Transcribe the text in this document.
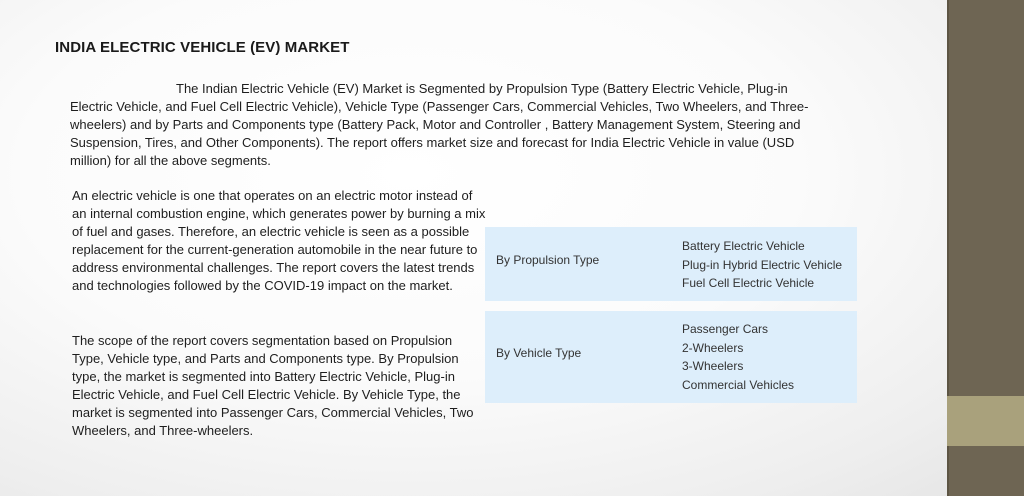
INDIA ELECTRIC VEHICLE (EV) MARKET
The Indian Electric Vehicle (EV) Market is Segmented by Propulsion Type (Battery Electric Vehicle, Plug-in Electric Vehicle, and Fuel Cell Electric Vehicle), Vehicle Type (Passenger Cars, Commercial Vehicles, Two Wheelers, and Three-wheelers) and by Parts and Components type (Battery Pack, Motor and Controller , Battery Management System, Steering and Suspension, Tires, and Other Components). The report offers market size and forecast for India Electric Vehicle in value (USD million) for all the above segments.
An electric vehicle is one that operates on an electric motor instead of an internal combustion engine, which generates power by burning a mix of fuel and gases. Therefore, an electric vehicle is seen as a possible replacement for the current-generation automobile in the near future to address environmental challenges. The report covers the latest trends and technologies followed by the COVID-19 impact on the market.
The scope of the report covers segmentation based on Propulsion Type, Vehicle type, and Parts and Components type. By Propulsion type, the market is segmented into Battery Electric Vehicle, Plug-in Electric Vehicle, and Fuel Cell Electric Vehicle. By Vehicle Type, the market is segmented into Passenger Cars, Commercial Vehicles, Two Wheelers, and Three-wheelers.
By Propulsion Type
Battery Electric Vehicle
Plug-in Hybrid Electric Vehicle
Fuel Cell Electric Vehicle
By Vehicle Type
Passenger Cars
2-Wheelers
3-Wheelers
Commercial Vehicles
